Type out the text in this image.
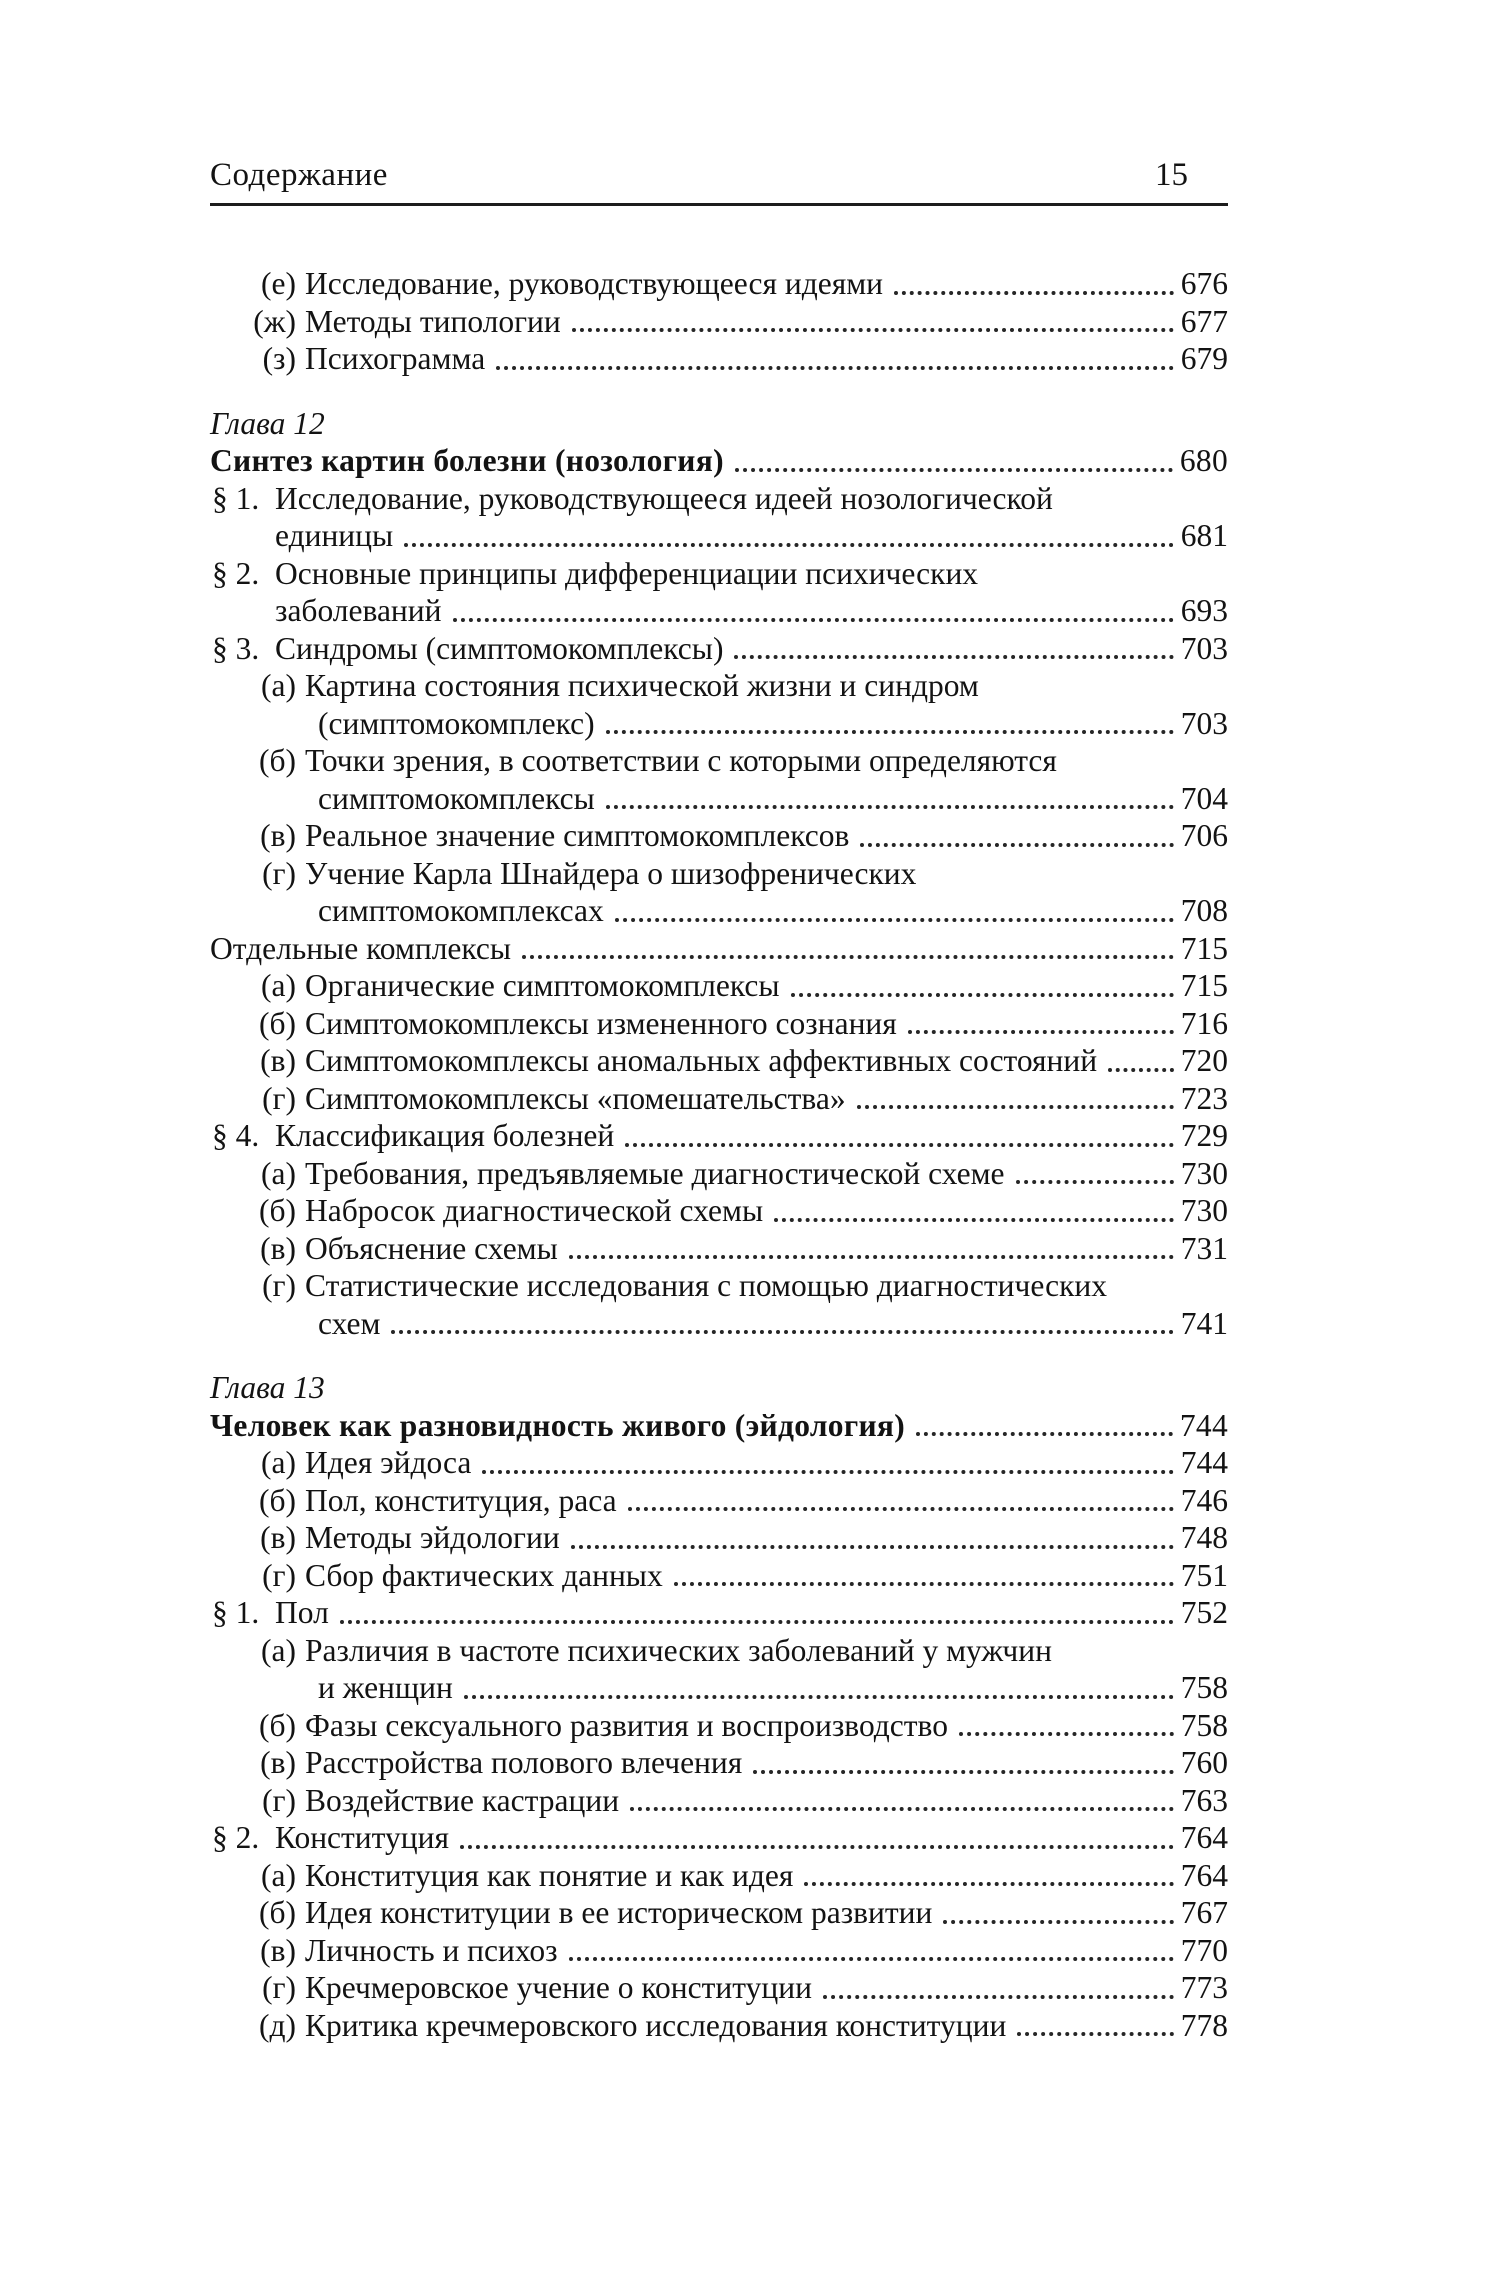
Содержание	15
(е) Исследование, руководствующееся идеями	676
(ж) Методы типологии	677
(з) Психограмма	679
Глава 12
Синтез картин болезни (нозология)	680
§ 1. Исследование, руководствующееся идеей нозологической
единицы	681
§ 2. Основные принципы дифференциации психических
заболеваний	693
§ 3. Синдромы (симптомокомплексы)	703
(а) Картина состояния психической жизни и синдром
(симптомокомплекс)	703
(б) Точки зрения, в соответствии с которыми определяются
симптомокомплексы	704
(в) Реальное значение симптомокомплексов	706
(г) Учение Карла Шнайдера о шизофренических
симптомокомплексах	708
Отдельные комплексы	715
(а) Органические симптомокомплексы	715
(б) Симптомокомплексы измененного сознания	716
(в) Симптомокомплексы аномальных аффективных состояний	720
(г) Симптомокомплексы «помешательства»	723
§ 4. Классификация болезней	729
(а) Требования, предъявляемые диагностической схеме	730
(б) Набросок диагностической схемы	730
(в) Объяснение схемы	731
(г) Статистические исследования с помощью диагностических
схем	741
Глава 13
Человек как разновидность живого (эйдология)	744
(а) Идея эйдоса	744
(б) Пол, конституция, раса	746
(в) Методы эйдологии	748
(г) Сбор фактических данных	751
§ 1. Пол	752
(а) Различия в частоте психических заболеваний у мужчин
и женщин	758
(б) Фазы сексуального развития и воспроизводство	758
(в) Расстройства полового влечения	760
(г) Воздействие кастрации	763
§ 2. Конституция	764
(а) Конституция как понятие и как идея	764
(б) Идея конституции в ее историческом развитии	767
(в) Личность и психоз	770
(г) Кречмеровское учение о конституции	773
(д) Критика кречмеровского исследования конституции	778
